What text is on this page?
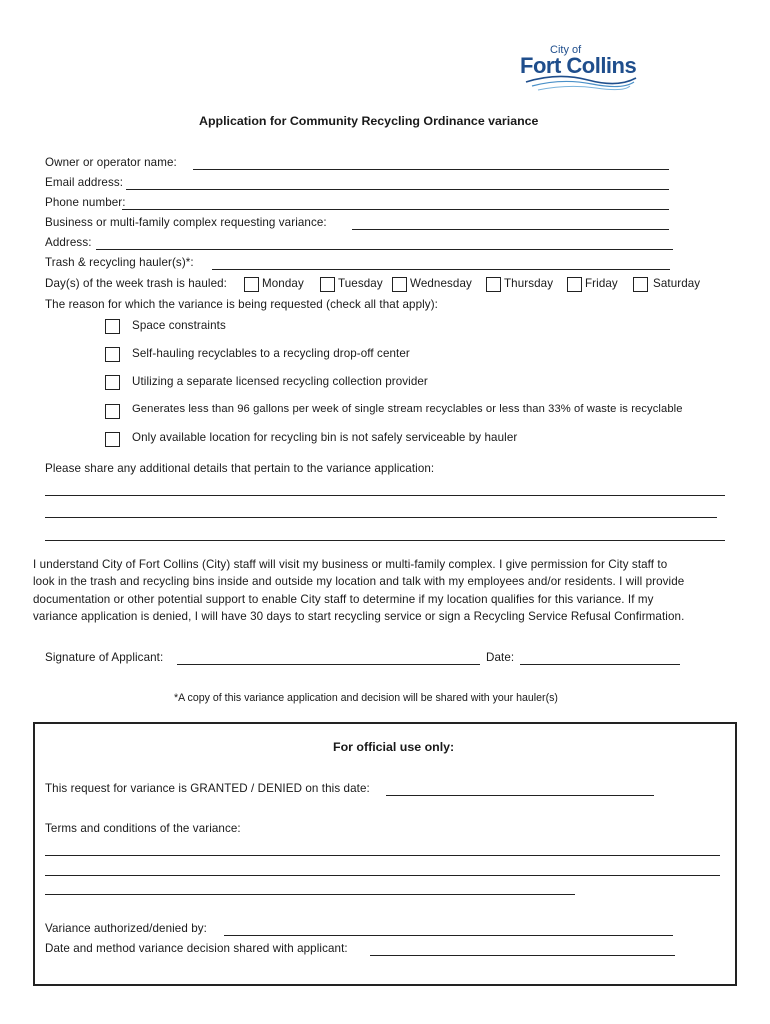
City of
Fort Collins
Application for Community Recycling Ordinance variance
Owner or operator name:
Email address:
Phone number:
Business or multi-family complex requesting variance:
Address:
Trash & recycling hauler(s)*:
Day(s) of the week trash is hauled:	Monday	Tuesday Wednesday	Thursday	Friday	Saturday
The reason for which the variance is being requested (check all that apply):
Space constraints
Self-hauling recyclables to a recycling drop-off center
Utilizing a separate licensed recycling collection provider
Generates less than 96 gallons per week of single stream recyclables or less than 33% of waste is recyclable
Only available location for recycling bin is not safely serviceable by hauler
Please share any additional details that pertain to the variance application:
I understand City of Fort Collins (City) staff will visit my business or multi-family complex. I give permission for City staff to
look in the trash and recycling bins inside and outside my location and talk with my employees and/or residents. I will provide
documentation or other potential support to enable City staff to determine if my location qualifies for this variance. If my
variance application is denied, I will have 30 days to start recycling service or sign a Recycling Service Refusal Confirmation.
Signature of Applicant:	Date:
*A copy of this variance application and decision will be shared with your hauler(s)
For official use only:
This request for variance is GRANTED / DENIED on this date:
Terms and conditions of the variance:
Variance authorized/denied by:
Date and method variance decision shared with applicant:
